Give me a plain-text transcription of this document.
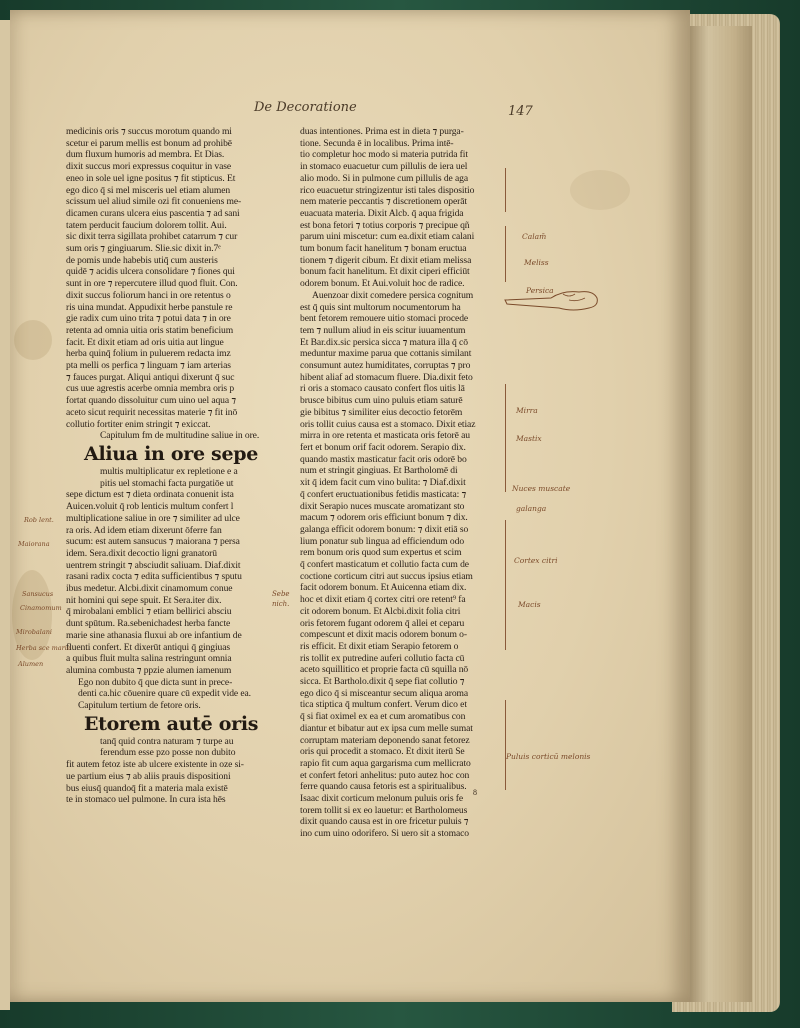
De Decoratione	147
medicinis oris ⁊ succus morotum quando mi
scetur ei parum mellis est bonum ad prohibē
dum fluxum humoris ad membra. Et Dias.
dixit succus mori expressus coquitur in vase
eneo in sole uel igne positus ⁊ fit stipticus. Et
ego dico q̄ si mel misceris uel etiam alumen
scissum uel aliud simile ozi fit conueniens me-
dicamen curans ulcera eius pascentia ⁊ ad sani
tatem perducit faucium dolorem tollit. Aui.
sic dixit terra sigillata prohibet catarrum ⁊ cur
sum oris ⁊ gingiuarum. Slie.sic dixit in.7ᵉ
de pomis unde habebis utiq̄ cum austeris
quidē ⁊ acidis ulcera consolidare ⁊ fiones qui
sunt in ore ⁊ repercutere illud quod fluit. Con.
dixit succus foliorum hanci in ore retentus o
ris uina mundat. Appudixit herbe panstule re
gie radix cum uino trita ⁊ potui data ⁊ in ore
retenta ad omnia uitia oris statim beneficium
facit. Et dixit etiam ad oris uitia aut lingue
herba quinq̄ folium in puluerem redacta imz
pta melli os perfica ⁊ linguam ⁊ iam arterias
⁊ fauces purgat. Aliqui antiqui dixerunt q̄ suc
cus uue agrestis acerbe omnia membra oris p
fortat quando dissoluitur cum uino uel aqua ⁊
aceto sicut requirit necessitas materie ⁊ fit inō
collutio fortiter enim stringit ⁊ exiccat.
Capitulum fm de multitudine saliue in ore.
Aliua in ore sepe
multis multiplicatur ex repletione e a
pitis uel stomachi facta purgatiōe ut
sepe dictum est ⁊ dieta ordinata conuenit ista
Auicen.voluit q̄ rob lenticis multum confert l
multiplicatione saliue in ore ⁊ similiter ad ulce
ra oris. Ad idem etiam dixerunt ōferre fan
sucum: est autem sansucus ⁊ maiorana ⁊ persa
idem. Sera.dixit decoctio ligni granatorū
uentrem stringit ⁊ absciudit saliuam. Diaf.dixit
rasani radix cocta ⁊ edita sufficientibus ⁊ sputu
ibus medetur. Alcbi.dixit cinamomum conue
nit homini qui sepe spuit. Et Sera.iter dix.
q̄ mirobalani emblici ⁊ etiam bellirici absciu
dunt spūtum. Ra.sebenichadest herba fancte
marie sine athanasia fluxui ab ore infantium de
fluenti confert. Et dixerūt antiqui q̄ gingiuas
a quibus fluit multa salina restringunt omnia
alumina combusta ⁊ ppzie alumen iamenum
Ego non dubito q̄ que dicta sunt in prece-
denti ca.hic cōuenire quare cū expedit vide ea.
Capitulum tertium de fetore oris.
Etorem autē oris
tanq̄ quid contra naturam ⁊ turpe au
ferendum esse pzo posse non dubito
fit autem fetoz iste ab ulcere existente in oze si-
ue partium eius ⁊ ab aliis prauis dispositioni
bus eiusq̄ quandoq̄ fit a materia mala existē
te in stomaco uel pulmone. In cura ista hēs
duas intentiones. Prima est in dieta ⁊ purga-
tione. Secunda ē in localibus. Prima intē-
tio completur hoc modo si materia putrida fit
in stomaco euacuetur cum pillulis de iera uel
alio modo. Si in pulmone cum pillulis de aga
rico euacuetur stringizentur isti tales dispositio
nem materie peccantis ⁊ discretionem operāt
euacuata materia. Dixit Alcb. q̄ aqua frigida
est bona fetori ⁊ totius corporis ⁊ precipue qñ
parum uini miscetur: cum ea.dixit etiam calani
tum bonum facit hanelitum ⁊ bonam eructua
tionem ⁊ digerit cibum. Et dixit etiam melissa
bonum facit hanelitum. Et dixit ciperi efficiūt
odorem bonum. Et Aui.voluit hoc de radice.
Auenzoar dixit comedere persica cognitum
est q̄ quis sint multorum nocumentorum ha
bent fetorem remouere uitio stomaci procede
tem ⁊ nullum aliud in eis scitur iuuamentum
Et Bar.dix.sic persica sicca ⁊ matura illa q̄ cō
meduntur maxime parua que cottanis similant
consumunt autez humiditates, corruptas ⁊ pro
hibent aliaf ad stomacum fluere. Dia.dixit feto
ri oris a stomaco causato confert flos uitis lā
brusce bibitus cum uino puluis etiam saturē
gie bibitus ⁊ similiter eius decoctio fetorēm
oris tollit cuius causa est a stomaco. Dixit etiaz
mirra in ore retenta et masticata oris fetorē au
fert et bonum orif facit odorem. Serapio dix.
quando mastix masticatur facit oris odorē bo
num et stringit gingiuas. Et Bartholomē di
xit q̄ idem facit cum vino bulita: ⁊ Diaf.dixit
q̄ confert eructuationibus fetidis masticata: ⁊
dixit Serapio nuces muscate aromatizant sto
macum ⁊ odorem oris efficiunt bonum ⁊ dix.
galanga efficit odorem bonum: ⁊ dixit etiā so
lium ponatur sub lingua ad efficiendum odo
rem bonum oris quod sum expertus et scim
q̄ confert masticatum et collutio facta cum de
coctione corticum citri aut succus ipsius etiam
facit odorem bonum. Et Auicenna etiam dix.
hoc et dixit etiam q̄ cortex citri ore retent⁹ fa
cit odorem bonum. Et Alcbi.dixit folia citri
oris fetorem fugant odorem q̄ allei et ceparu
compescunt et dixit macis odorem bonum o-
ris efficit. Et dixit etiam Serapio fetorem o
ris tollit ex putredine auferi collutio facta cū
aceto squillitico et proprie facta cū squilla nō
sicca. Et Bartholo.dixit q̄ sepe fiat collutio ⁊
ego dico q̄ si misceantur secum aliqua aroma
tica stiptica q̄ multum confert. Verum dico et
q̄ si fiat oximel ex ea et cum aromatibus con
diantur et bibatur aut ex ipsa cum melle sumat
corruptam materiam deponendo sanat fetorez
oris qui procedit a stomaco. Et dixit iterū Se
rapio fit cum aqua gargarisma cum mellicrato
et confert fetori anhelitus: puto autez hoc con
ferre quando causa fetoris est a spiritualibus.
Isaac dixit corticum melonum puluis oris fe
torem tollit si ex eo lauetur: et Bartholomeus
dixit quando causa est in ore fricetur puluis ⁊
ino cum uino odorifero. Si uero sit a stomaco
Calam̄
Meliss
Persica
Mirra
Mastix
Nuces muscate
galanga
Cortex citri
Macis
Puluis corticū melonis
Rob lent.
Maiorana
Sansucus
Cinamomum
Mirobalani
Herba sce marie
Alumen
Sebe
nich.
8
